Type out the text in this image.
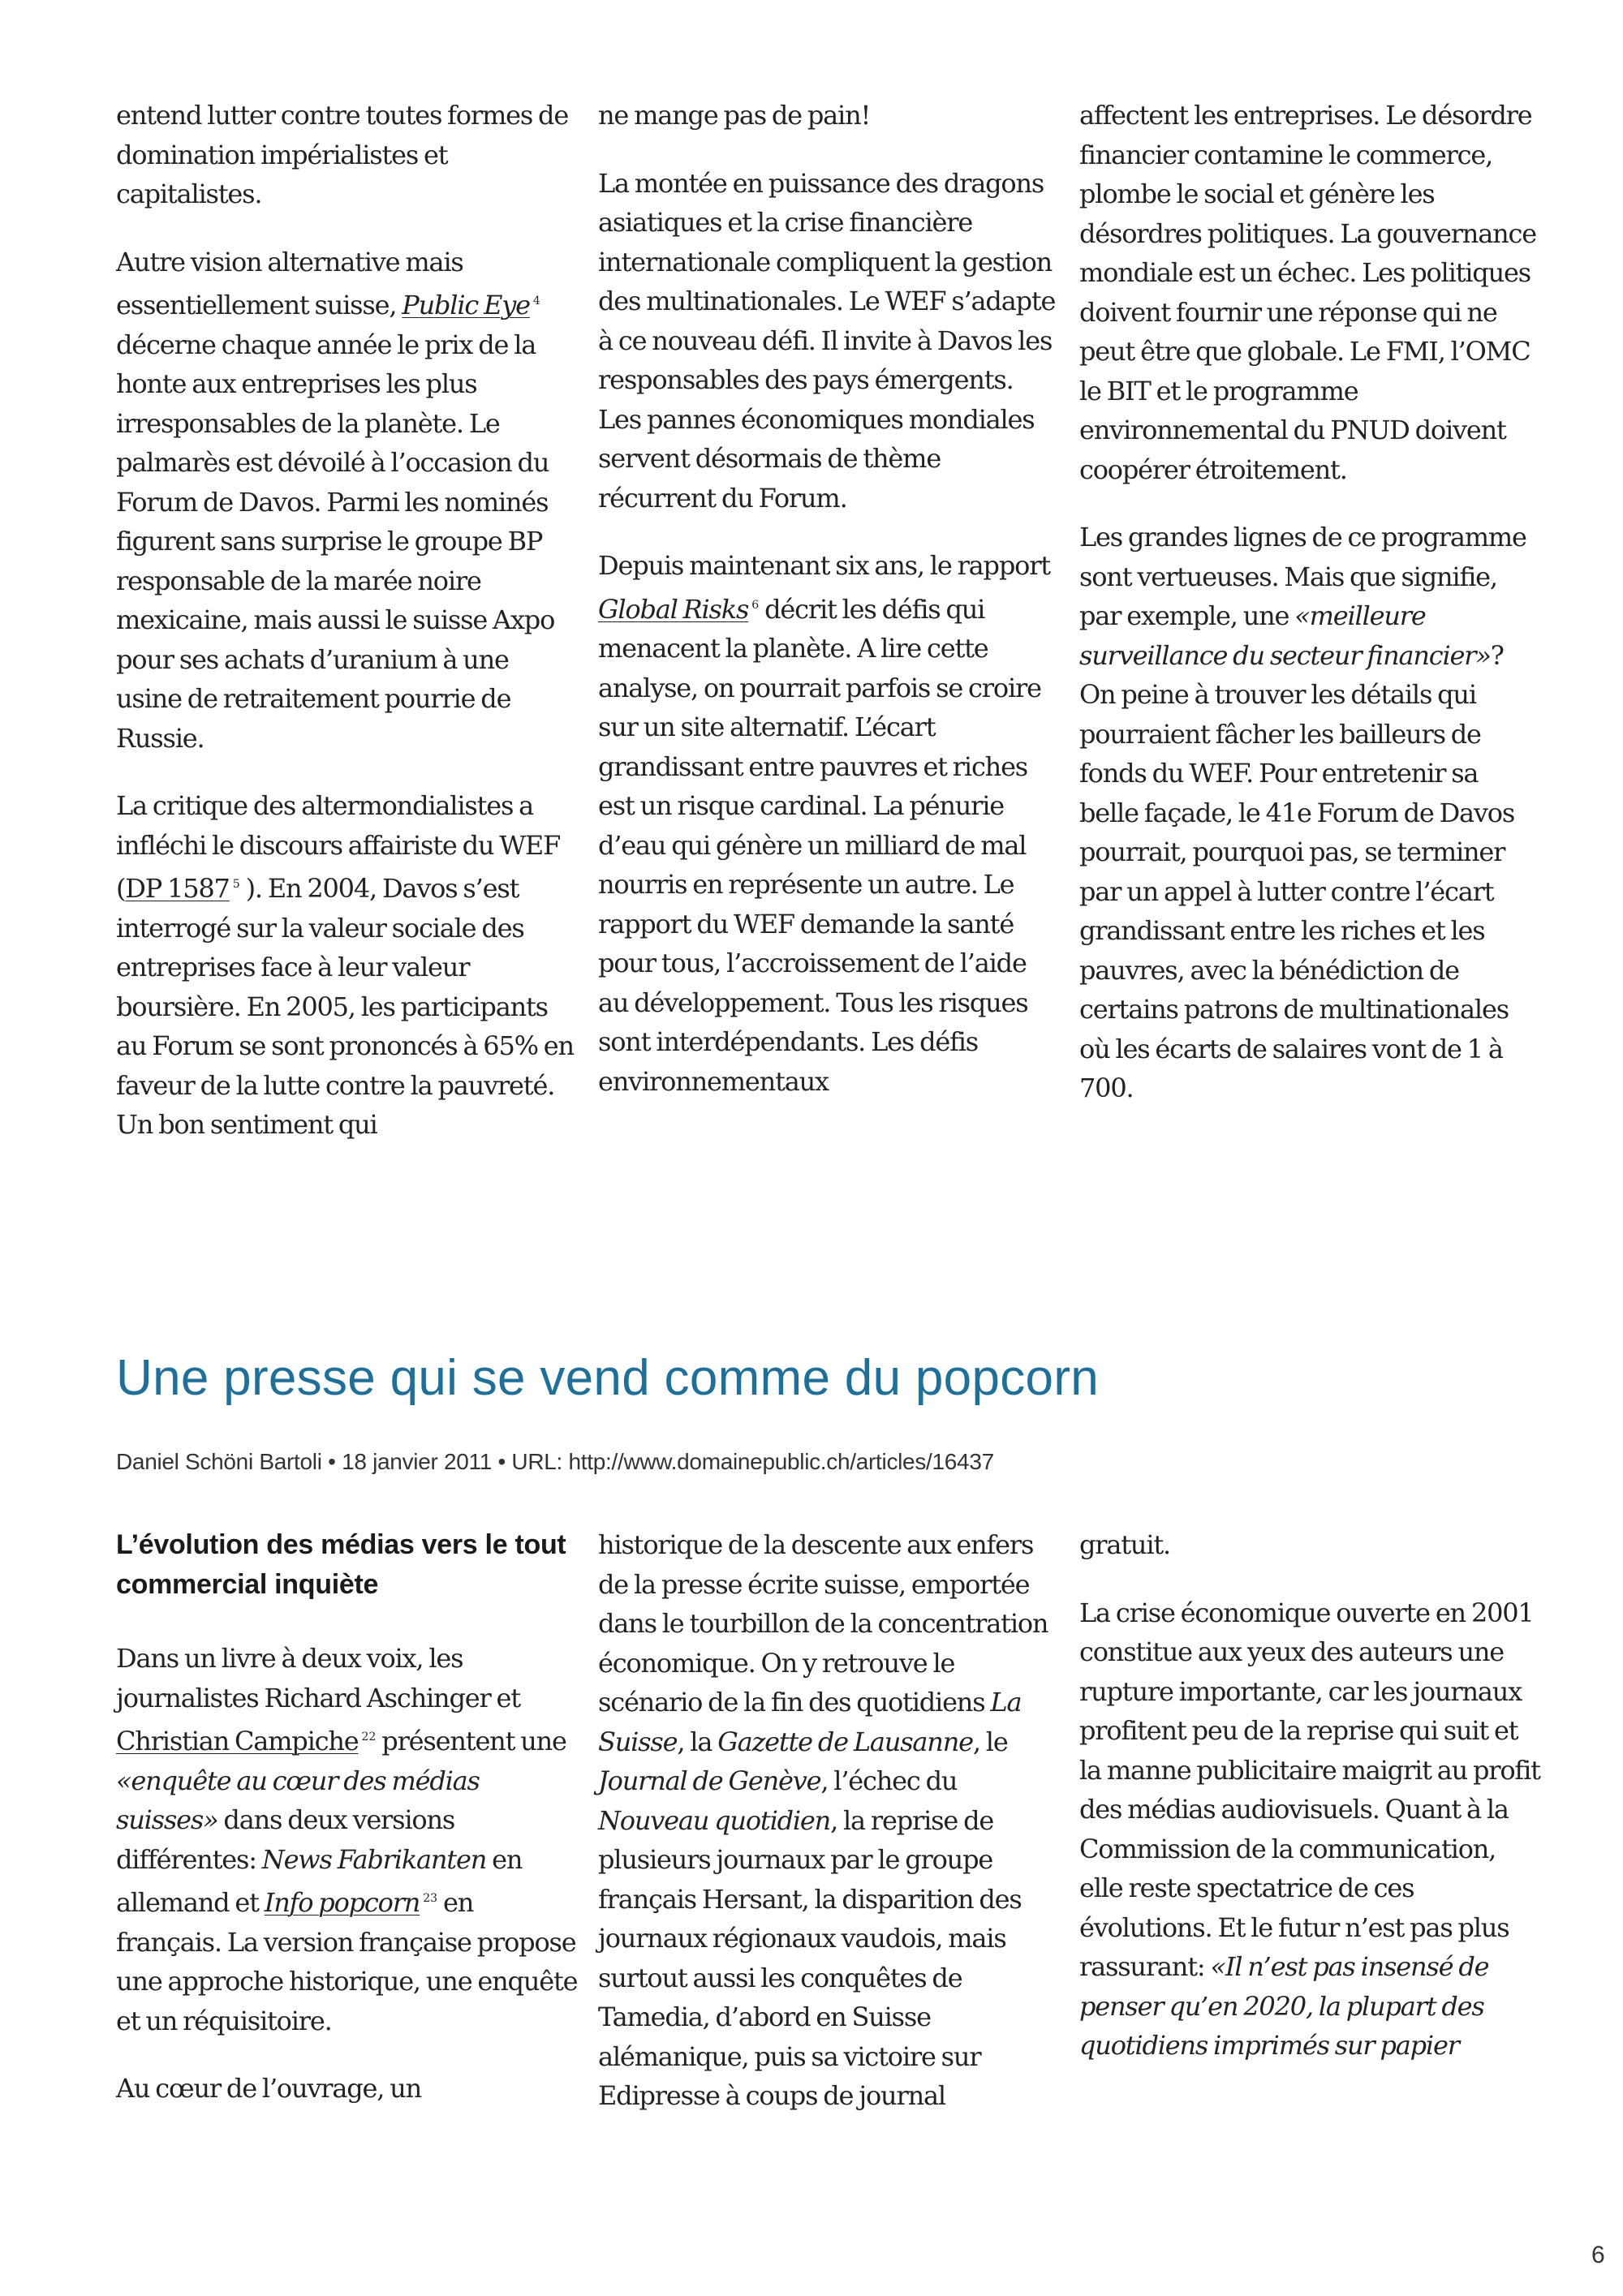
entend lutter contre toutes formes de domination impérialistes et capitalistes.

Autre vision alternative mais essentiellement suisse, Public Eye $^4$ décerne chaque année le prix de la honte aux entreprises les plus irresponsables de la planète. Le palmarès est dévoilé à l’occasion du Forum de Davos. Parmi les nominés figurent sans surprise le groupe BP responsable de la marée noire mexicaine, mais aussi le suisse Axpo pour ses achats d’uranium à une usine de retraitement pourrie de Russie.

La critique des altermondialistes a infléchi le discours affairiste du WEF (DP 1587 $^5$ ). En 2004, Davos s’est interrogé sur la valeur sociale des entreprises face à leur valeur boursière. En 2005, les participants au Forum se sont prononcés à 65% en faveur de la lutte contre la pauvreté. Un bon sentiment qui

ne mange pas de pain!

La montée en puissance des dragons asiatiques et la crise financière internationale compliquent la gestion des multinationales. Le WEF s’adapte à ce nouveau défi. Il invite à Davos les responsables des pays émergents. Les pannes économiques mondiales servent désormais de thème récurrent du Forum.

Depuis maintenant six ans, le rapport Global Risks $^6$ décrit les défis qui menacent la planète. A lire cette analyse, on pourrait parfois se croire sur un site alternatif. L’écart grandissant entre pauvres et riches est un risque cardinal. La pénurie d’eau qui génère un milliard de mal nourris en représente un autre. Le rapport du WEF demande la santé pour tous, l’accroissement de l’aide au développement. Tous les risques sont interdépendants. Les défis environnementaux

affectent les entreprises. Le désordre financier contamine le commerce, plombe le social et génère les désordres politiques. La gouvernance mondiale est un échec. Les politiques doivent fournir une réponse qui ne peut être que globale. Le FMI, l’OMC le BIT et le programme environnemental du PNUD doivent coopérer étroitement.

Les grandes lignes de ce programme sont vertueuses. Mais que signifie, par exemple, une «meilleure surveillance du secteur financier»? On peine à trouver les détails qui pourraient fâcher les bailleurs de fonds du WEF. Pour entretenir sa belle façade, le 41e Forum de Davos pourrait, pourquoi pas, se terminer par un appel à lutter contre l’écart grandissant entre les riches et les pauvres, avec la bénédiction de certains patrons de multinationales où les écarts de salaires vont de 1 à 700.

Une presse qui se vend comme du popcorn
Daniel Schöni Bartoli • 18 janvier 2011 • URL: http://www.domainepublic.ch/articles/16437
L’évolution des médias vers le tout commercial inquiète

Dans un livre à deux voix, les journalistes Richard Aschinger et Christian Campiche $^{22}$ présentent une «enquête au cœur des médias suisses» dans deux versions différentes: News Fabrikanten en allemand et Info popcorn $^{23}$ en français. La version française propose une approche historique, une enquête et un réquisitoire.

Au cœur de l’ouvrage, un

historique de la descente aux enfers de la presse écrite suisse, emportée dans le tourbillon de la concentration économique. On y retrouve le scénario de la fin des quotidiens La Suisse, la Gazette de Lausanne, le Journal de Genève, l’échec du Nouveau quotidien, la reprise de plusieurs journaux par le groupe français Hersant, la disparition des journaux régionaux vaudois, mais surtout aussi les conquêtes de Tamedia, d’abord en Suisse alémanique, puis sa victoire sur Edipresse à coups de journal

gratuit.

La crise économique ouverte en 2001 constitue aux yeux des auteurs une rupture importante, car les journaux profitent peu de la reprise qui suit et la manne publicitaire maigrit au profit des médias audiovisuels. Quant à la Commission de la communication, elle reste spectatrice de ces évolutions. Et le futur n’est pas plus rassurant: «Il n’est pas insensé de penser qu’en 2020, la plupart des quotidiens imprimés sur papier

6
